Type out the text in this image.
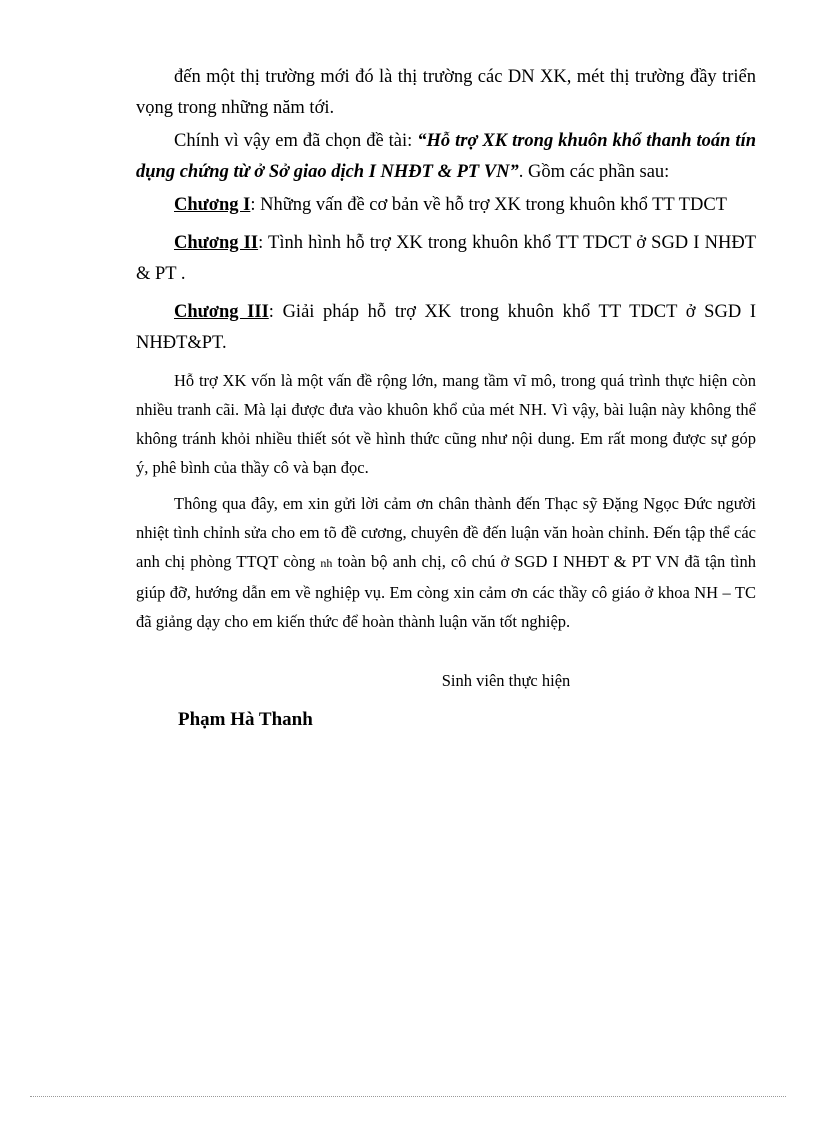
đến một thị trường mới đó là thị trường các DN XK, mét thị trường đầy triển vọng trong những năm tới.

Chính vì vậy em đã chọn đề tài: “Hỗ trợ XK trong khuôn khổ thanh toán tín dụng chứng từ ở Sở giao dịch I NHĐT & PT VN”. Gồm các phần sau:

Chương I: Những vấn đề cơ bản về hỗ trợ XK trong khuôn khổ TT TDCT

Chương II: Tình hình hỗ trợ XK trong khuôn khổ TT TDCT ở SGD I NHĐT & PT .

Chương III: Giải pháp hỗ trợ XK trong khuôn khổ TT TDCT ở SGD I NHĐT&PT.

Hỗ trợ XK vốn là một vấn đề rộng lớn, mang tầm vĩ mô, trong quá trình thực hiện còn nhiều tranh cãi. Mà lại được đưa vào khuôn khổ của mét NH. Vì vậy, bài luận này không thể không tránh khỏi nhiều thiết sót về hình thức cũng như nội dung. Em rất mong được sự góp ý, phê bình của thầy cô và bạn đọc.

Thông qua đây, em xin gửi lời cảm ơn chân thành đến Thạc sỹ Đặng Ngọc Đức người nhiệt tình chỉnh sửa cho em tõ đề cương, chuyên đề đến luận văn hoàn chỉnh. Đến tập thể các anh chị phòng TTQT còng nh toàn bộ anh chị, cô chú ở SGD I NHĐT & PT VN đã tận tình giúp đỡ, hướng dẫn em về nghiệp vụ. Em còng xin cảm ơn các thầy cô giáo ở khoa NH – TC đã giảng dạy cho em kiến thức để hoàn thành luận văn tốt nghiệp.

Sinh viên thực hiện

Phạm Hà Thanh
